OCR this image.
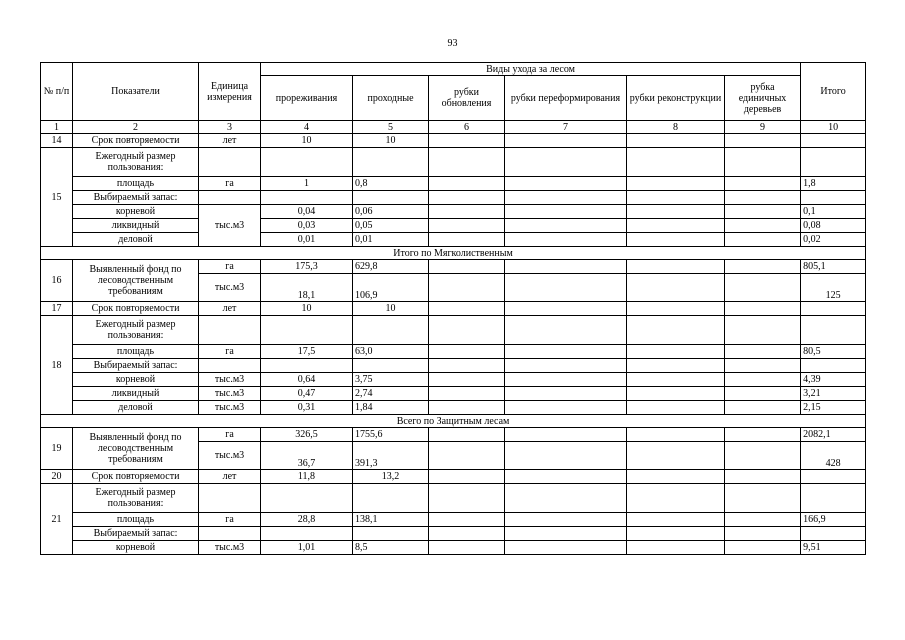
93
№ п/п	Показатели	Единица измерения	Виды ухода за лесом						Итого
			прореживания	проходные	рубки обновления	рубки переформирования	рубки реконструкции	рубка единичных деревьев	
1	2	3	4	5	6	7	8	9	10
14	Срок повторяемости	лет	10	10					
15	Ежегодный размер пользования:								
	площадь	га	1	0,8					1,8
	Выбираемый запас:								
	корневой	тыс.м3	0,04	0,06					0,1
	ликвидный		0,03	0,05					0,08
	деловой		0,01	0,01					0,02
Итого по Мягколиственным									
16	Выявленный фонд по лесоводственным требованиям	га	175,3	629,8					805,1
		тыс.м3	18,1	106,9					125
17	Срок повторяемости	лет	10	10					
18	Ежегодный размер пользования:								
	площадь	га	17,5	63,0					80,5
	Выбираемый запас:								
	корневой	тыс.м3	0,64	3,75					4,39
	ликвидный	тыс.м3	0,47	2,74					3,21
	деловой	тыс.м3	0,31	1,84					2,15
Всего по Защитным лесам									
19	Выявленный фонд по лесоводственным требованиям	га	326,5	1755,6					2082,1
		тыс.м3	36,7	391,3					428
20	Срок повторяемости	лет	11,8	13,2					
21	Ежегодный размер пользования:								
	площадь	га	28,8	138,1					166,9
	Выбираемый запас:								
	корневой	тыс.м3	1,01	8,5					9,51
